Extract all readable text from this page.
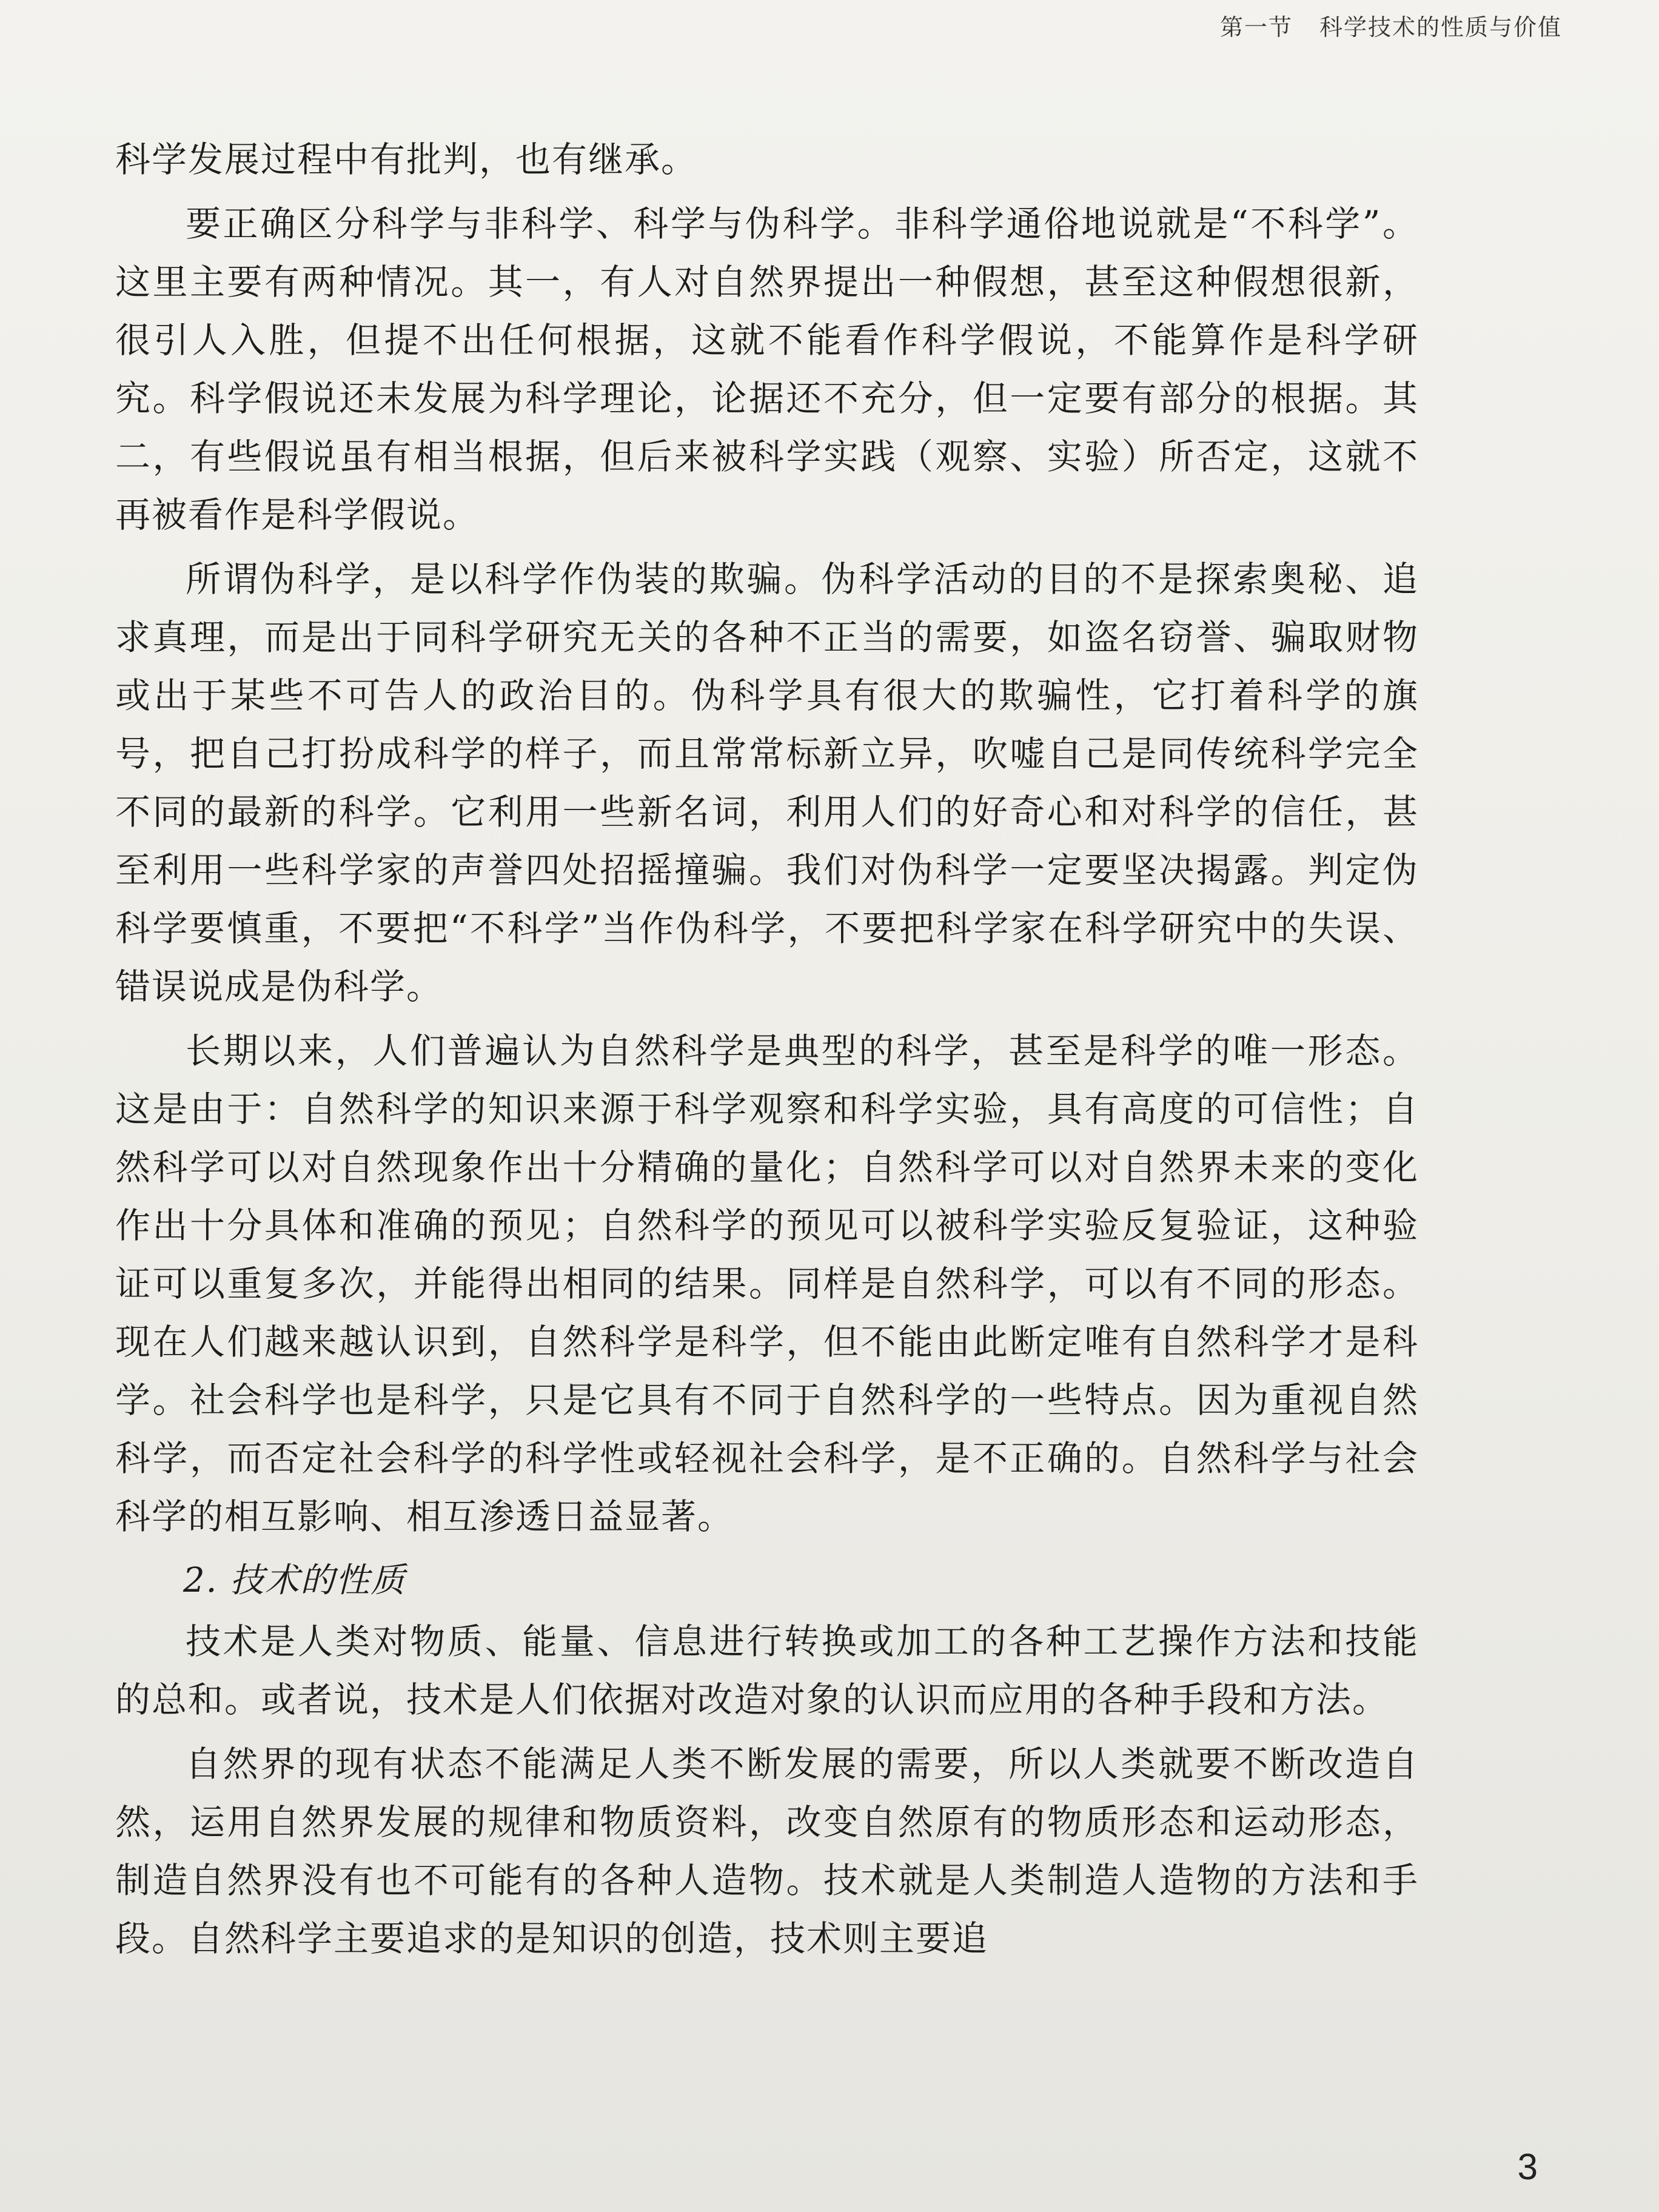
第一节 科学技术的性质与价值

科学发展过程中有批判，也有继承。

要正确区分科学与非科学、科学与伪科学。非科学通俗地说就是“不科学”。这里主要有两种情况。其一，有人对自然界提出一种假想，甚至这种假想很新，很引人入胜，但提不出任何根据，这就不能看作科学假说，不能算作是科学研究。科学假说还未发展为科学理论，论据还不充分，但一定要有部分的根据。其二，有些假说虽有相当根据，但后来被科学实践（观察、实验）所否定，这就不再被看作是科学假说。

所谓伪科学，是以科学作伪装的欺骗。伪科学活动的目的不是探索奥秘、追求真理，而是出于同科学研究无关的各种不正当的需要，如盗名窃誉、骗取财物或出于某些不可告人的政治目的。伪科学具有很大的欺骗性，它打着科学的旗号，把自己打扮成科学的样子，而且常常标新立异，吹嘘自己是同传统科学完全不同的最新的科学。它利用一些新名词，利用人们的好奇心和对科学的信任，甚至利用一些科学家的声誉四处招摇撞骗。我们对伪科学一定要坚决揭露。判定伪科学要慎重，不要把“不科学”当作伪科学，不要把科学家在科学研究中的失误、错误说成是伪科学。

长期以来，人们普遍认为自然科学是典型的科学，甚至是科学的唯一形态。这是由于：自然科学的知识来源于科学观察和科学实验，具有高度的可信性；自然科学可以对自然现象作出十分精确的量化；自然科学可以对自然界未来的变化作出十分具体和准确的预见；自然科学的预见可以被科学实验反复验证，这种验证可以重复多次，并能得出相同的结果。同样是自然科学，可以有不同的形态。现在人们越来越认识到，自然科学是科学，但不能由此断定唯有自然科学才是科学。社会科学也是科学，只是它具有不同于自然科学的一些特点。因为重视自然科学，而否定社会科学的科学性或轻视社会科学，是不正确的。自然科学与社会科学的相互影响、相互渗透日益显著。

2. 技术的性质

技术是人类对物质、能量、信息进行转换或加工的各种工艺操作方法和技能的总和。或者说，技术是人们依据对改造对象的认识而应用的各种手段和方法。

自然界的现有状态不能满足人类不断发展的需要，所以人类就要不断改造自然，运用自然界发展的规律和物质资料，改变自然原有的物质形态和运动形态，制造自然界没有也不可能有的各种人造物。技术就是人类制造人造物的方法和手段。自然科学主要追求的是知识的创造，技术则主要追

3
